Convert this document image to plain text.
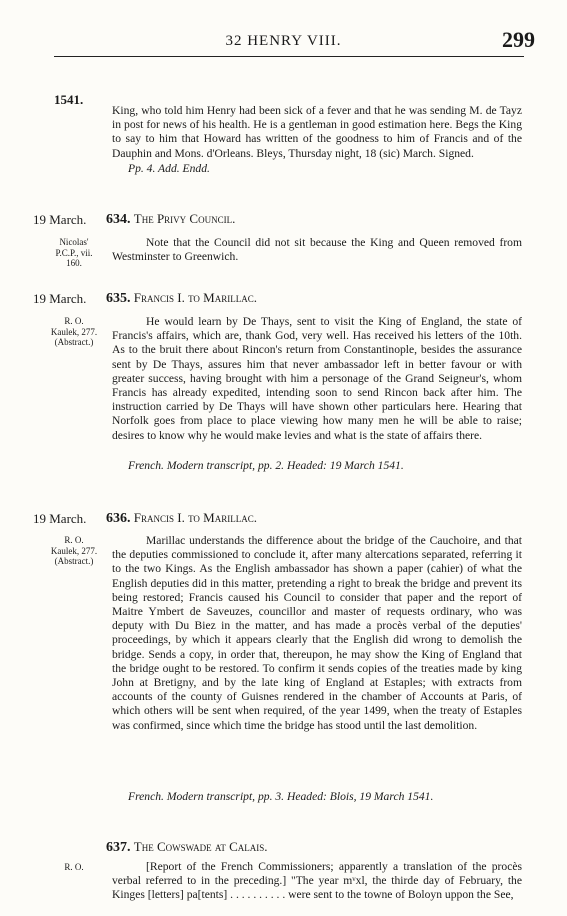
32 HENRY VIII.	299
1541.
King, who told him Henry had been sick of a fever and that he was sending M. de Tayz in post for news of his health. He is a gentleman in good estimation here. Begs the King to say to him that Howard has written of the goodness to him of Francis and of the Dauphin and Mons. d'Orleans. Bleys, Thursday night, 18 (sic) March. Signed.
Pp. 4. Add. Endd.
19 March. 634. The Privy Council.
Nicolas' P.C.P., vii. 160.
Note that the Council did not sit because the King and Queen removed from Westminster to Greenwich.
19 March. 635. Francis I. to Marillac.
R. O. Kaulek, 277. (Abstract.)
He would learn by De Thays, sent to visit the King of England, the state of Francis's affairs, which are, thank God, very well. Has received his letters of the 10th. As to the bruit there about Rincon's return from Constantinople, besides the assurance sent by De Thays, assures him that never ambassador left in better favour or with greater success, having brought with him a personage of the Grand Seigneur's, whom Francis has already expedited, intending soon to send Rincon back after him. The instruction carried by De Thays will have shown other particulars here. Hearing that Norfolk goes from place to place viewing how many men he will be able to raise; desires to know why he would make levies and what is the state of affairs there.
French. Modern transcript, pp. 2. Headed: 19 March 1541.
19 March. 636. Francis I. to Marillac.
R. O. Kaulek, 277. (Abstract.)
Marillac understands the difference about the bridge of the Cauchoire, and that the deputies commissioned to conclude it, after many altercations separated, referring it to the two Kings. As the English ambassador has shown a paper (cahier) of what the English deputies did in this matter, pretending a right to break the bridge and prevent its being restored; Francis caused his Council to consider that paper and the report of Maitre Ymbert de Saveuzes, councillor and master of requests ordinary, who was deputy with Du Biez in the matter, and has made a procès verbal of the deputies' proceedings, by which it appears clearly that the English did wrong to demolish the bridge. Sends a copy, in order that, thereupon, he may show the King of England that the bridge ought to be restored. To confirm it sends copies of the treaties made by king John at Bretigny, and by the late king of England at Estaples; with extracts from accounts of the county of Guisnes rendered in the chamber of Accounts at Paris, of which others will be sent when required, of the year 1499, when the treaty of Estaples was confirmed, since which time the bridge has stood until the last demolition.
French. Modern transcript, pp. 3. Headed: Blois, 19 March 1541.
637. The Cowswade at Calais.
R. O.	[Report of the French Commissioners; apparently a translation of the procès verbal referred to in the preceding.] "The year mᵛxl, the thirde day of February, the Kinges [letters] pa[tents] . . . . . . . . . . were sent to the towne of Boloyn uppon the See,
